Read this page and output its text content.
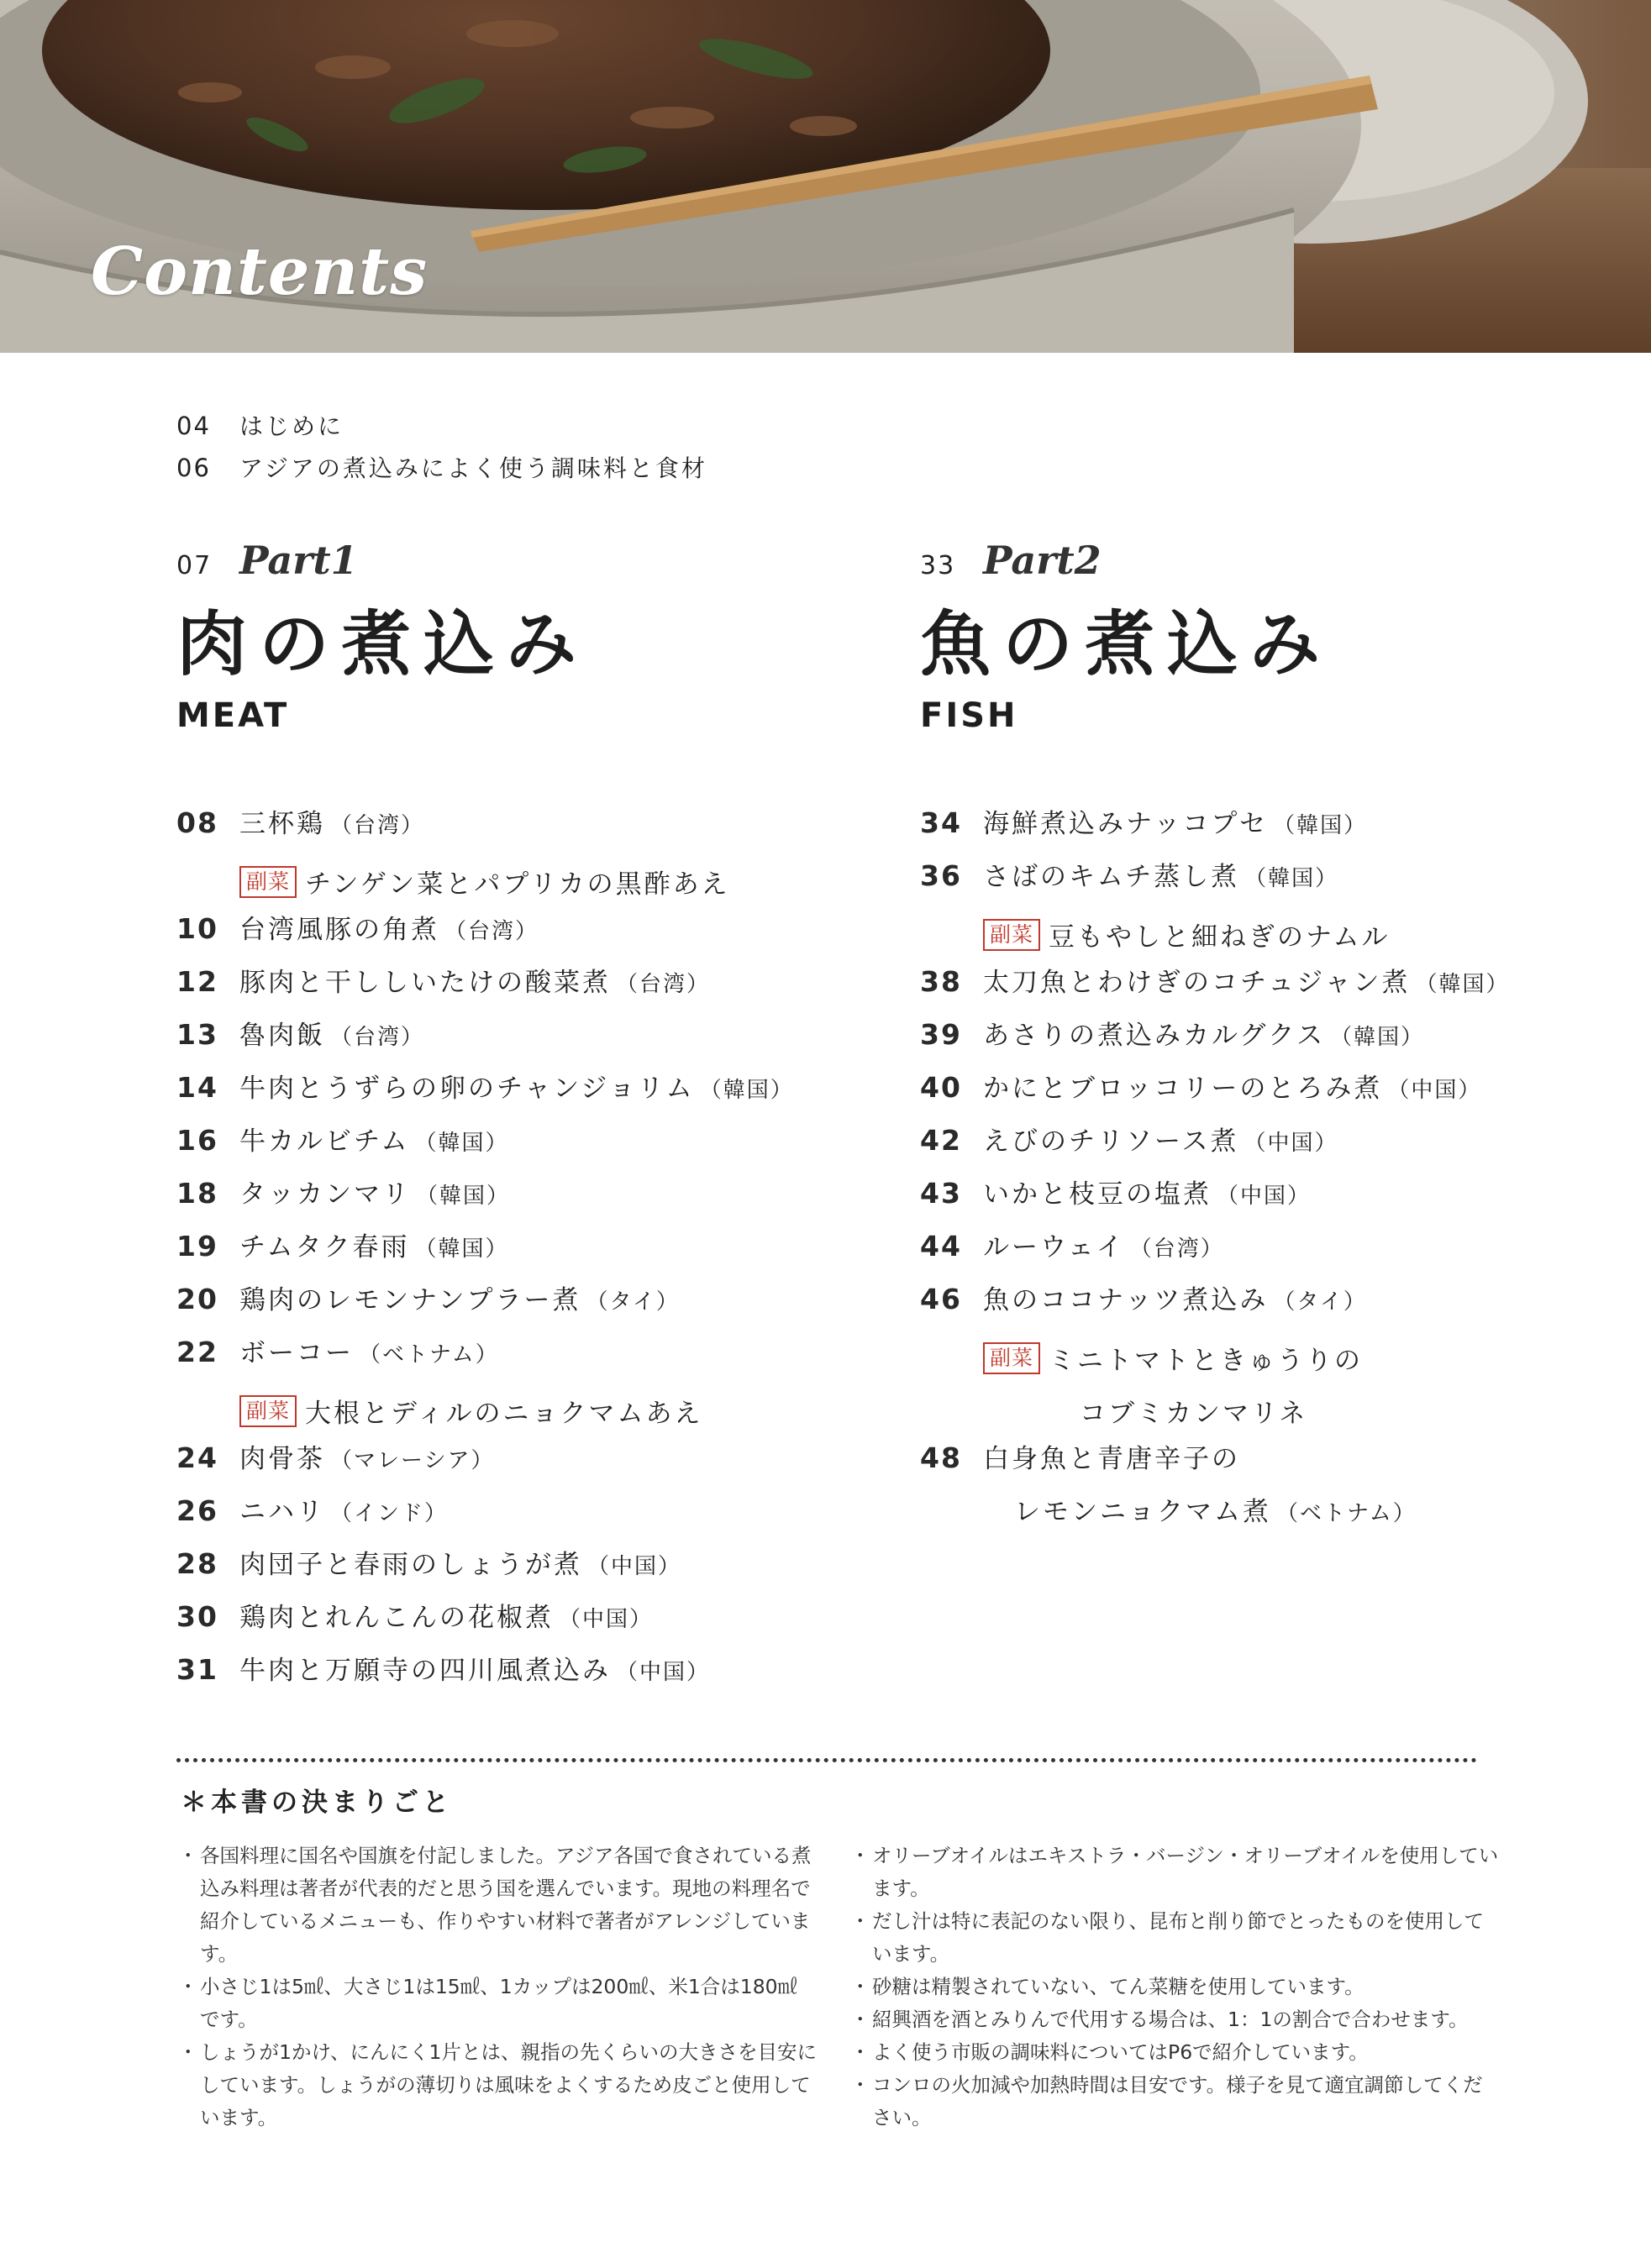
Contents
04	はじめに
06	アジアの煮込みによく使う調味料と食材
07 Part1
肉の煮込み
MEAT
33 Part2
魚の煮込み
FISH
08 三杯鶏 （台湾）
副菜 チンゲン菜とパプリカの黒酢あえ
10 台湾風豚の角煮 （台湾）
12 豚肉と干ししいたけの酸菜煮 （台湾）
13 魯肉飯 （台湾）
14 牛肉とうずらの卵のチャンジョリム （韓国）
16 牛カルビチム （韓国）
18 タッカンマリ （韓国）
19 チムタク春雨 （韓国）
20 鶏肉のレモンナンプラー煮 （タイ）
22 ボーコー （ベトナム）
副菜 大根とディルのニョクマムあえ
24 肉骨茶 （マレーシア）
26 ニハリ （インド）
28 肉団子と春雨のしょうが煮 （中国）
30 鶏肉とれんこんの花椒煮 （中国）
31 牛肉と万願寺の四川風煮込み （中国）
34 海鮮煮込みナッコプセ （韓国）
36 さばのキムチ蒸し煮 （韓国）
副菜 豆もやしと細ねぎのナムル
38 太刀魚とわけぎのコチュジャン煮 （韓国）
39 あさりの煮込みカルグクス （韓国）
40 かにとブロッコリーのとろみ煮 （中国）
42 えびのチリソース煮 （中国）
43 いかと枝豆の塩煮 （中国）
44 ルーウェイ （台湾）
46 魚のココナッツ煮込み （タイ）
副菜 ミニトマトときゅうりの
コブミカンマリネ
48 白身魚と青唐辛子の
レモンニョクマム煮 （ベトナム）
＊本書の決まりごと
・ 各国料理に国名や国旗を付記しました。アジア各国で食されている煮込み料理は著者が代表的だと思う国を選んでいます。現地の料理名で紹介しているメニューも、作りやすい材料で著者がアレンジしています。
・ 小さじ1は5㎖、大さじ1は15㎖、1カップは200㎖、米1合は180㎖です。
・ しょうが1かけ、にんにく1片とは、親指の先くらいの大きさを目安にしています。しょうがの薄切りは風味をよくするため皮ごと使用しています。
・ オリーブオイルはエキストラ・バージン・オリーブオイルを使用しています。
・ だし汁は特に表記のない限り、昆布と削り節でとったものを使用しています。
・ 砂糖は精製されていない、てん菜糖を使用しています。
・ 紹興酒を酒とみりんで代用する場合は、1：1の割合で合わせます。
・ よく使う市販の調味料についてはP6で紹介しています。
・ コンロの火加減や加熱時間は目安です。様子を見て適宜調節してください。
